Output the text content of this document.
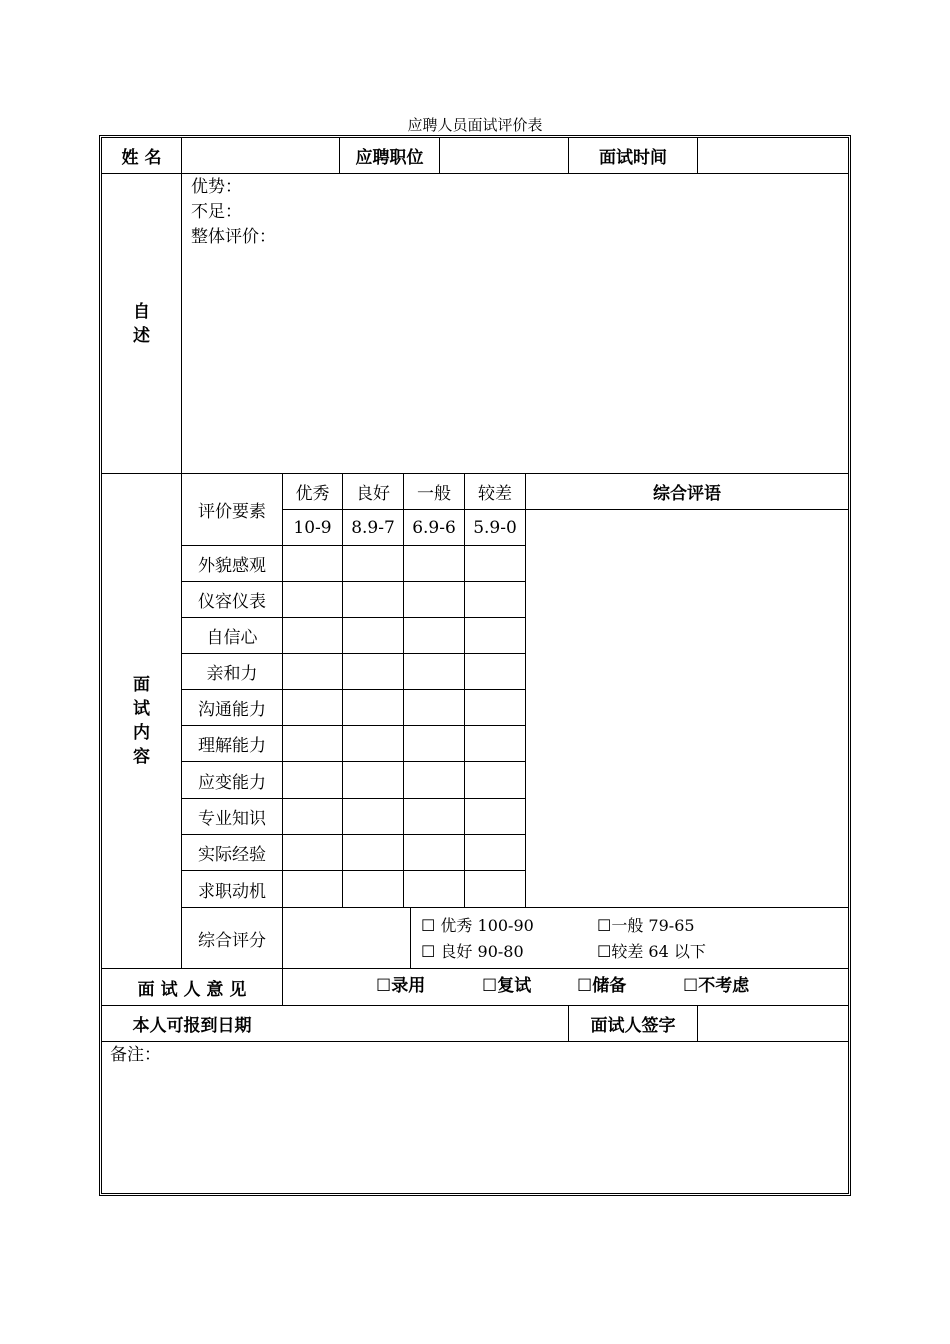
应聘人员面试评价表
姓 名	应聘职位	面试时间
自
述
优势：
不足：
整体评价：
面
试
内
容
评价要素
优秀	良好	一般	较差
10-9	8.9-7	6.9-6	5.9-0
综合评语
外貌感观
仪容仪表
自信心
亲和力
沟通能力
理解能力
应变能力
专业知识
实际经验
求职动机
综合评分
☐ 优秀 100-90	☐一般 79-65
☐ 良好 90-80	☐较差 64 以下
面 试 人 意 见	☐录用	☐复试	☐储备	☐不考虑
本人可报到日期	面试人签字
备注：
